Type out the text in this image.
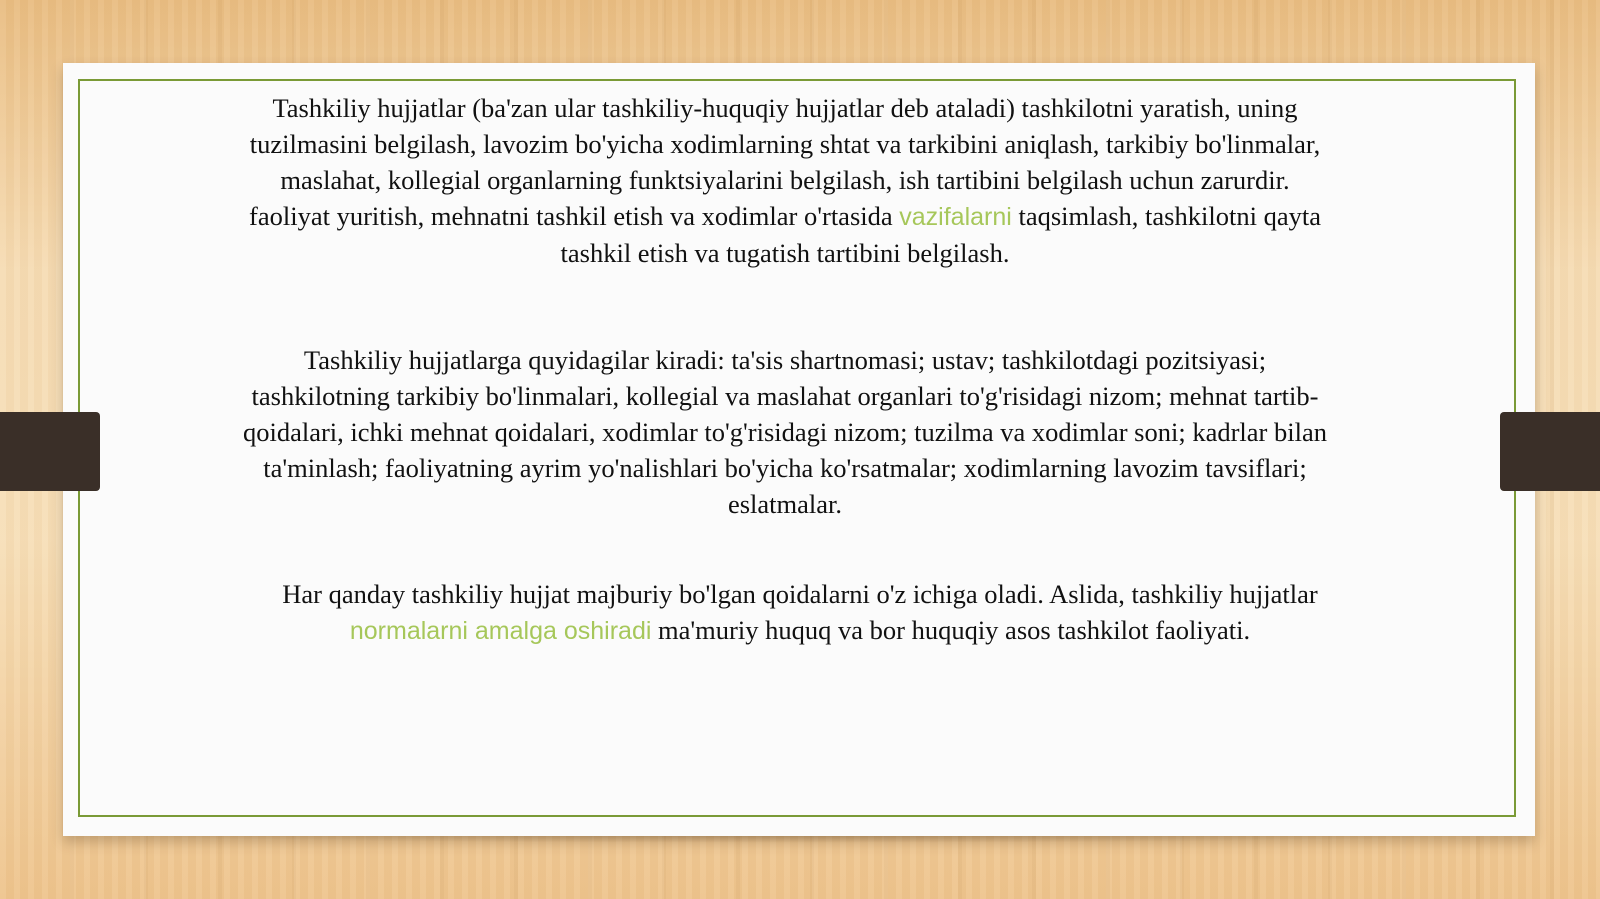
Tashkiliy hujjatlar (ba'zan ular tashkiliy-huquqiy hujjatlar deb ataladi) tashkilotni yaratish, uning tuzilmasini belgilash, lavozim bo'yicha xodimlarning shtat va tarkibini aniqlash, tarkibiy bo'linmalar, maslahat, kollegial organlarning funktsiyalarini belgilash, ish tartibini belgilash uchun zarurdir. faoliyat yuritish, mehnatni tashkil etish va xodimlar o'rtasida vazifalarni taqsimlash, tashkilotni qayta tashkil etish va tugatish tartibini belgilash.

Tashkiliy hujjatlarga quyidagilar kiradi: ta'sis shartnomasi; ustav; tashkilotdagi pozitsiyasi; tashkilotning tarkibiy bo'linmalari, kollegial va maslahat organlari to'g'risidagi nizom; mehnat tartib-qoidalari, ichki mehnat qoidalari, xodimlar to'g'risidagi nizom; tuzilma va xodimlar soni; kadrlar bilan ta'minlash; faoliyatning ayrim yo'nalishlari bo'yicha ko'rsatmalar; xodimlarning lavozim tavsiflari; eslatmalar.

Har qanday tashkiliy hujjat majburiy bo'lgan qoidalarni o'z ichiga oladi. Aslida, tashkiliy hujjatlar normalarni amalga oshiradi ma'muriy huquq va bor huquqiy asos tashkilot faoliyati.
